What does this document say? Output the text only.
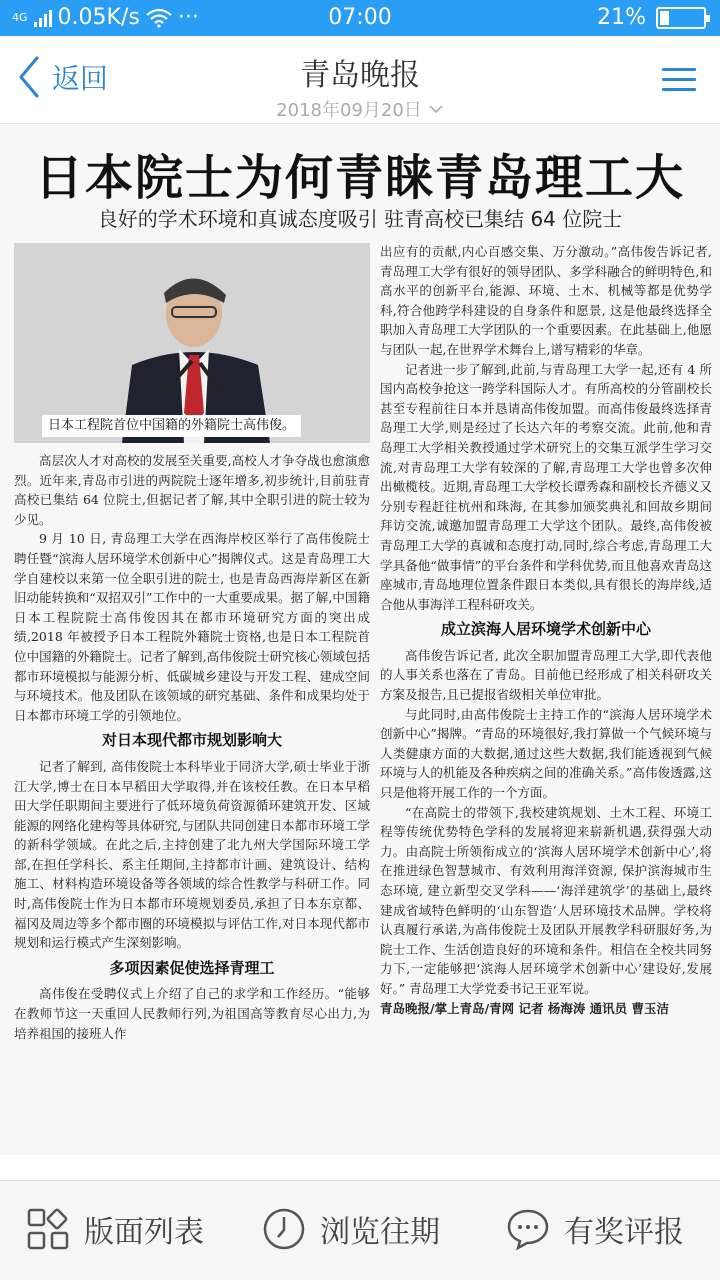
4G 0.05K/s ···	07:00	21%
返回	青岛晚报
2018年09月20日
日本院士为何青睐青岛理工大
良好的学术环境和真诚态度吸引 驻青高校已集结 64 位院士
日本工程院首位中国籍的外籍院士高伟俊。

高层次人才对高校的发展至关重要,高校人才争夺战也愈演愈烈。近年来,青岛市引进的两院院士逐年增多,初步统计,目前驻青高校已集结 64 位院士,但据记者了解,其中全职引进的院士较为少见。

9 月 10 日, 青岛理工大学在西海岸校区举行了高伟俊院士聘任暨“滨海人居环境学术创新中心”揭牌仪式。这是青岛理工大学自建校以来第一位全职引进的院士, 也是青岛西海岸新区在新旧动能转换和“双招双引”工作中的一大重要成果。据了解,中国籍日本工程院院士高伟俊因其在都市环境研究方面的突出成绩,2018 年被授予日本工程院外籍院士资格,也是日本工程院首位中国籍的外籍院士。记者了解到,高伟俊院士研究核心领域包括都市环境模拟与能源分析、低碳城乡建设与开发工程、建成空间与环境技术。他及团队在该领域的研究基础、条件和成果均处于日本都市环境工学的引领地位。

对日本现代都市规划影响大

记者了解到, 高伟俊院士本科毕业于同济大学,硕士毕业于浙江大学,博士在日本早稻田大学取得,并在该校任教。在日本早稻田大学任职期间主要进行了低环境负荷资源循环建筑开发、区域能源的网络化建构等具体研究,与团队共同创建日本都市环境工学的新科学领域。在此之后,主持创建了北九州大学国际环境工学部,在担任学科长、系主任期间,主持都市计画、建筑设计、结构施工、材料构造环境设备等各领域的综合性教学与科研工作。同时,高伟俊院士作为日本都市环境规划委员,承担了日本东京都、福冈及周边等多个都市圈的环境模拟与评估工作,对日本现代都市规划和运行模式产生深刻影响。

多项因素促使选择青理工

高伟俊在受聘仪式上介绍了自己的求学和工作经历。“能够在教师节这一天重回人民教师行列,为祖国高等教育尽心出力,为培养祖国的接班人作

出应有的贡献,内心百感交集、万分激动。”高伟俊告诉记者,青岛理工大学有很好的领导团队、多学科融合的鲜明特色,和高水平的创新平台,能源、环境、土木、机械等都是优势学科,符合他跨学科建设的自身条件和愿景, 这是他最终选择全职加入青岛理工大学团队的一个重要因素。在此基础上,他愿与团队一起,在世界学术舞台上,谱写精彩的华章。

记者进一步了解到,此前,与青岛理工大学一起,还有 4 所国内高校争抢这一跨学科国际人才。有所高校的分管副校长甚至专程前往日本并恳请高伟俊加盟。而高伟俊最终选择青岛理工大学,则是经过了长达六年的考察交流。此前,他和青岛理工大学相关教授通过学术研究上的交集互派学生学习交流,对青岛理工大学有较深的了解,青岛理工大学也曾多次伸出橄榄枝。近期,青岛理工大学校长谭秀森和副校长齐德义又分别专程赶往杭州和珠海, 在其参加颁奖典礼和回故乡期间拜访交流,诚邀加盟青岛理工大学这个团队。最终,高伟俊被青岛理工大学的真诚和态度打动,同时,综合考虑,青岛理工大学具备他“做事情”的平台条件和学科优势,而且他喜欢青岛这座城市,青岛地理位置条件跟日本类似,具有很长的海岸线,适合他从事海洋工程科研攻关。

成立滨海人居环境学术创新中心

高伟俊告诉记者, 此次全职加盟青岛理工大学,即代表他的人事关系也落在了青岛。目前他已经形成了相关科研攻关方案及报告,且已提报省级相关单位审批。

与此同时,由高伟俊院士主持工作的“滨海人居环境学术创新中心”揭牌。“青岛的环境很好,我打算做一个气候环境与人类健康方面的大数据,通过这些大数据,我们能透视到气候环境与人的机能及各种疾病之间的准确关系。”高伟俊透露,这只是他将开展工作的一个方面。

“在高院士的带领下,我校建筑规划、土木工程、环境工程等传统优势特色学科的发展将迎来崭新机遇,获得强大动力。由高院士所领衔成立的‘滨海人居环境学术创新中心’,将在推进绿色智慧城市、有效利用海洋资源, 保护滨海城市生态环境, 建立新型交叉学科——‘海洋建筑学’的基础上,最终建成省域特色鲜明的‘山东智造’人居环境技术品牌。学校将认真履行承诺,为高伟俊院士及团队开展教学科研服好务,为院士工作、生活创造良好的环境和条件。相信在全校共同努力下,一定能够把‘滨海人居环境学术创新中心’建设好,发展好。” 青岛理工大学党委书记王亚军说。

青岛晚报/掌上青岛/青网 记者 杨海涛 通讯员 曹玉洁

版面列表	浏览往期	有奖评报
